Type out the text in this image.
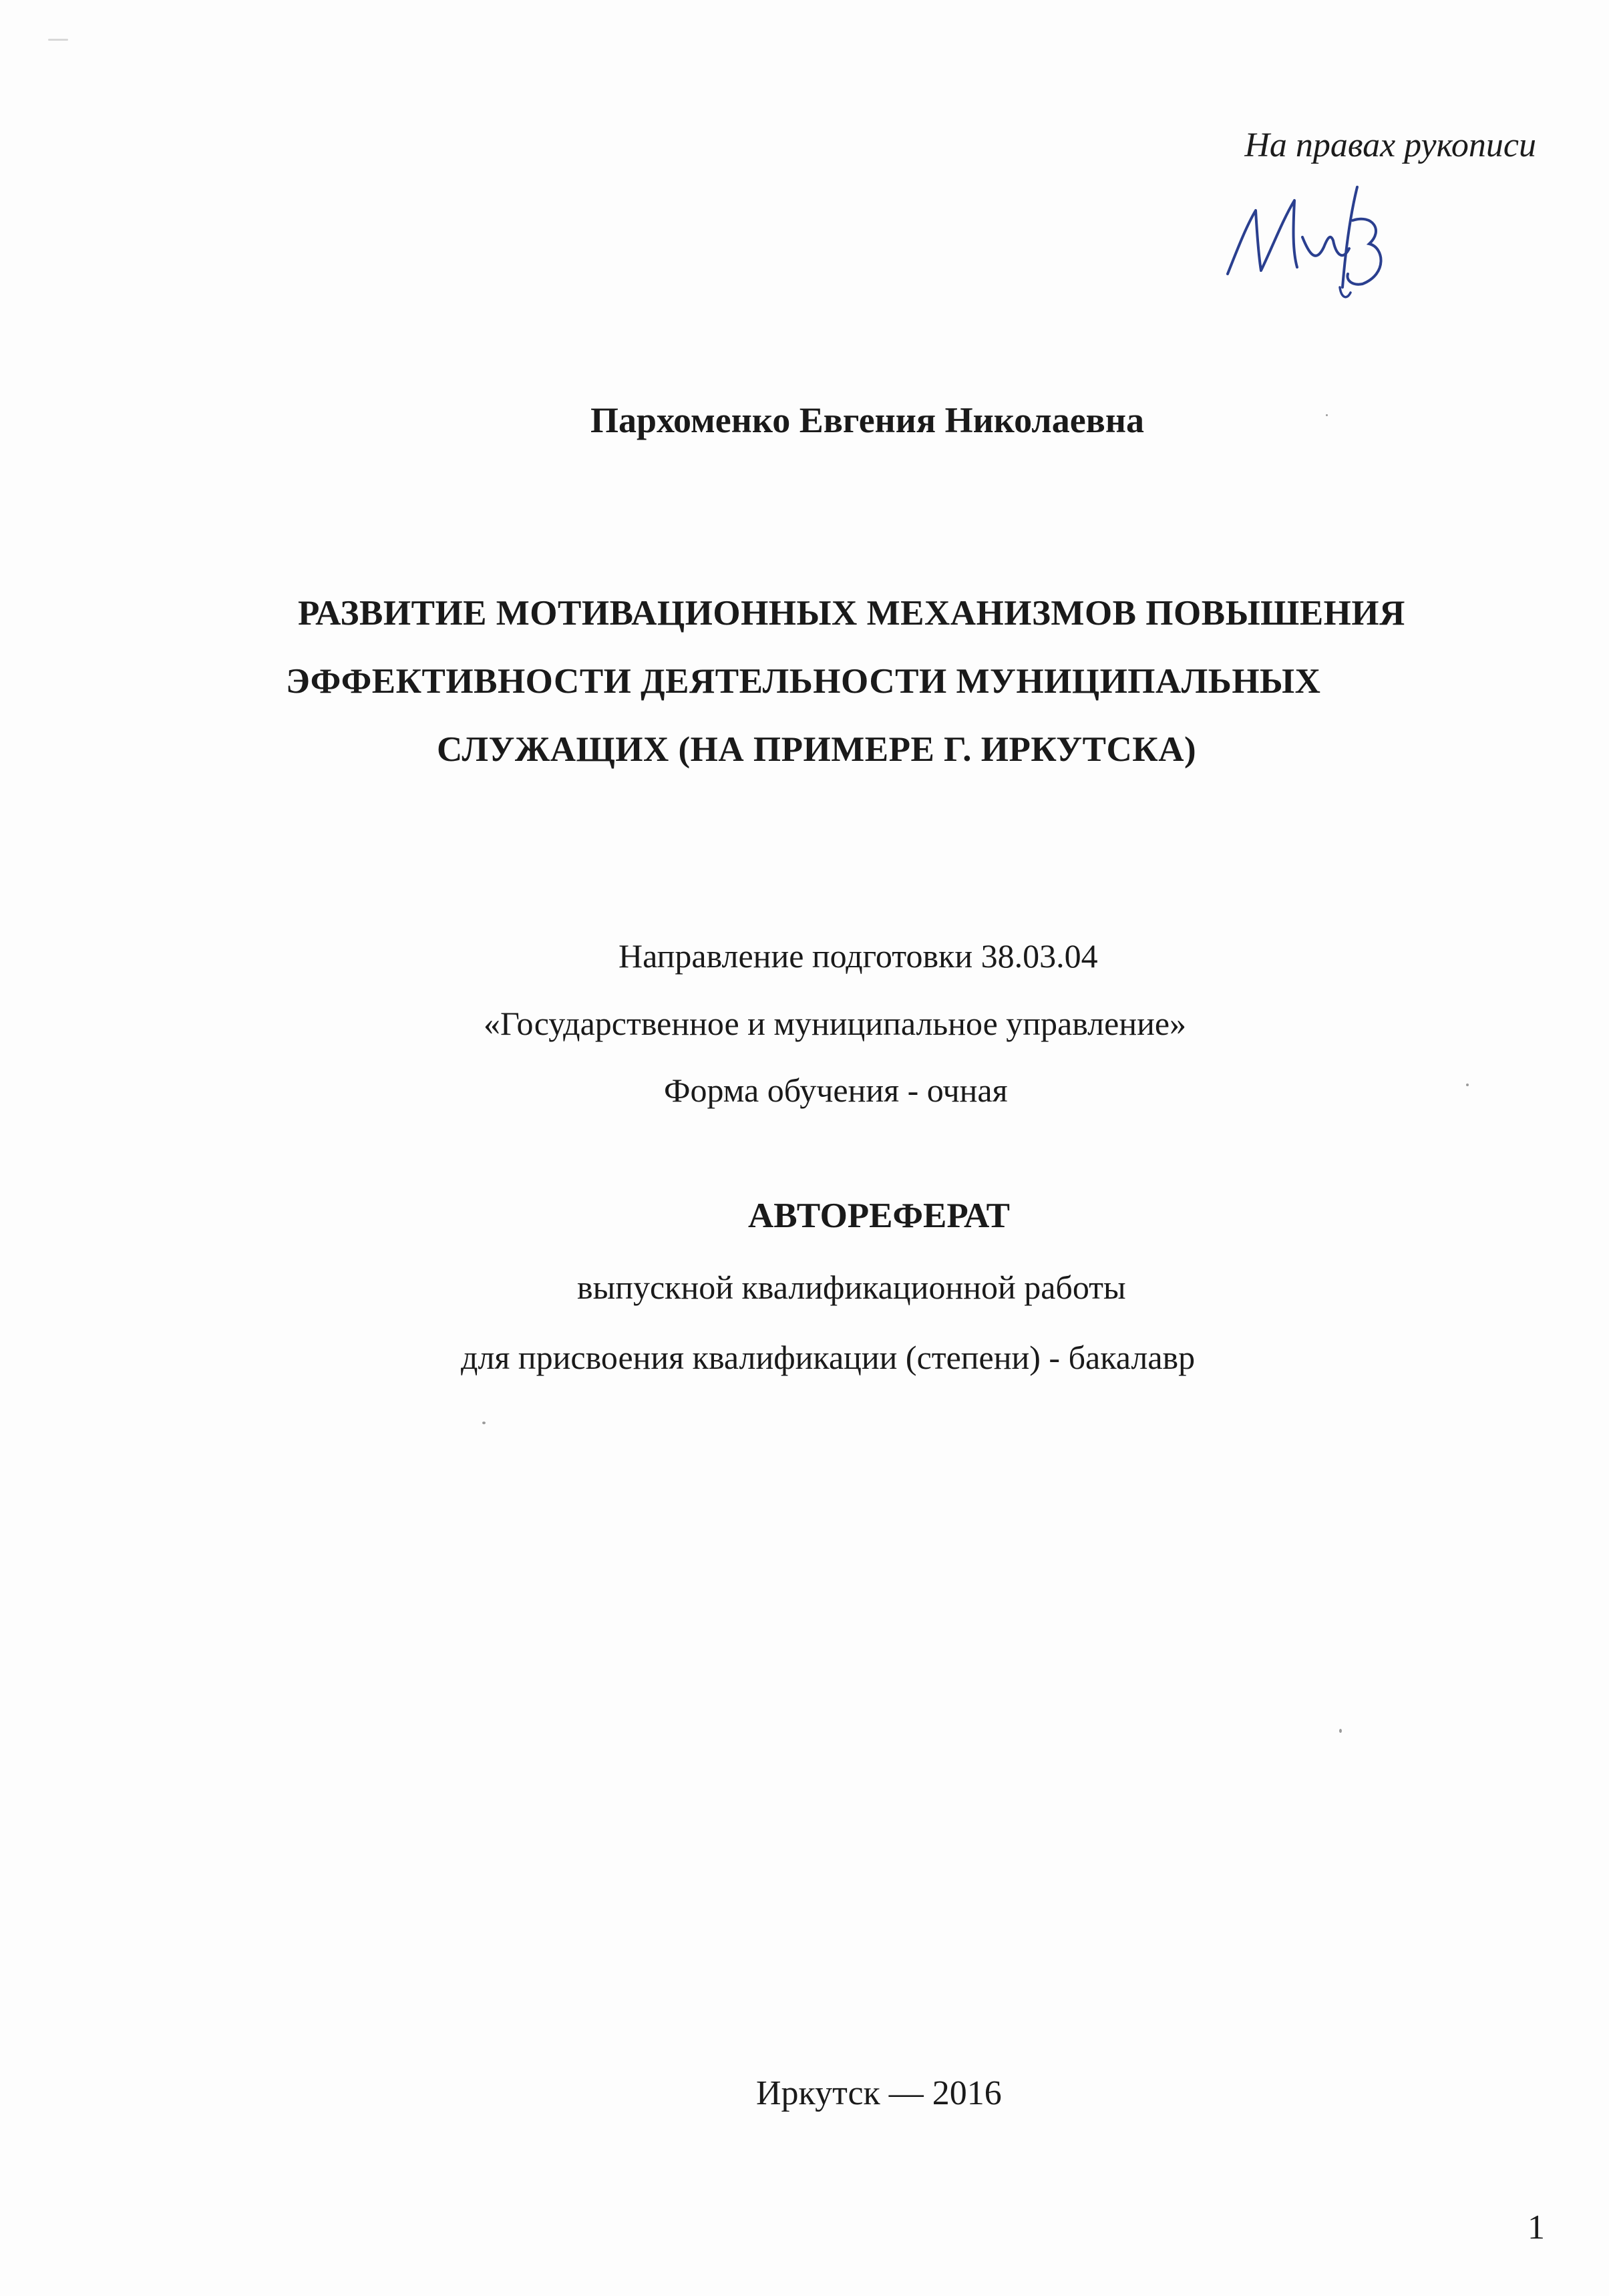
На правах рукописи
Пархоменко Евгения Николаевна
РАЗВИТИЕ МОТИВАЦИОННЫХ МЕХАНИЗМОВ ПОВЫШЕНИЯ
ЭФФЕКТИВНОСТИ ДЕЯТЕЛЬНОСТИ МУНИЦИПАЛЬНЫХ
СЛУЖАЩИХ (НА ПРИМЕРЕ Г. ИРКУТСКА)
Направление подготовки 38.03.04
«Государственное и муниципальное управление»
Форма обучения - очная
АВТОРЕФЕРАТ
выпускной квалификационной работы
для присвоения квалификации (степени) - бакалавр
Иркутск — 2016
1
